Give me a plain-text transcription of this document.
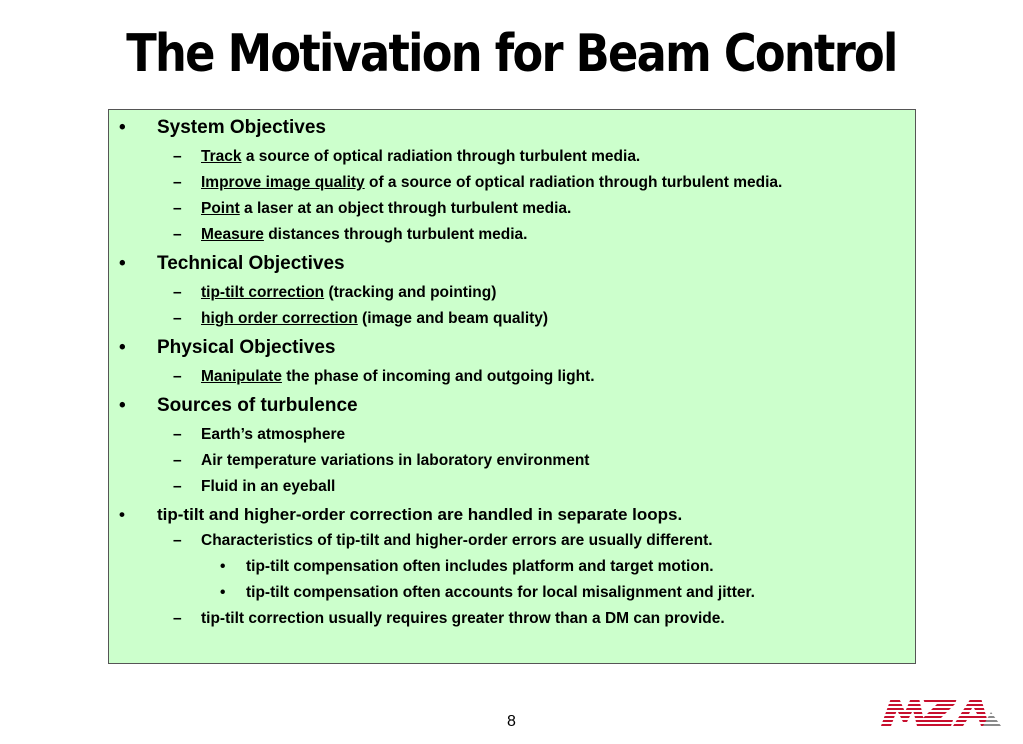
The Motivation for Beam Control
• System Objectives
– Track a source of optical radiation through turbulent media.
– Improve image quality of a source of optical radiation through turbulent media.
– Point a laser at an object through turbulent media.
– Measure distances through turbulent media.
• Technical Objectives
– tip-tilt correction (tracking and pointing)
– high order correction (image and beam quality)
• Physical Objectives
– Manipulate the phase of incoming and outgoing light.
• Sources of turbulence
– Earth’s atmosphere
– Air temperature variations in laboratory environment
– Fluid in an eyeball
• tip-tilt and higher-order correction are handled in separate loops.
– Characteristics of tip-tilt and higher-order errors are usually different.
• tip-tilt compensation often includes platform and target motion.
• tip-tilt compensation often accounts for local misalignment and jitter.
– tip-tilt correction usually requires greater throw than a DM can provide.
8
